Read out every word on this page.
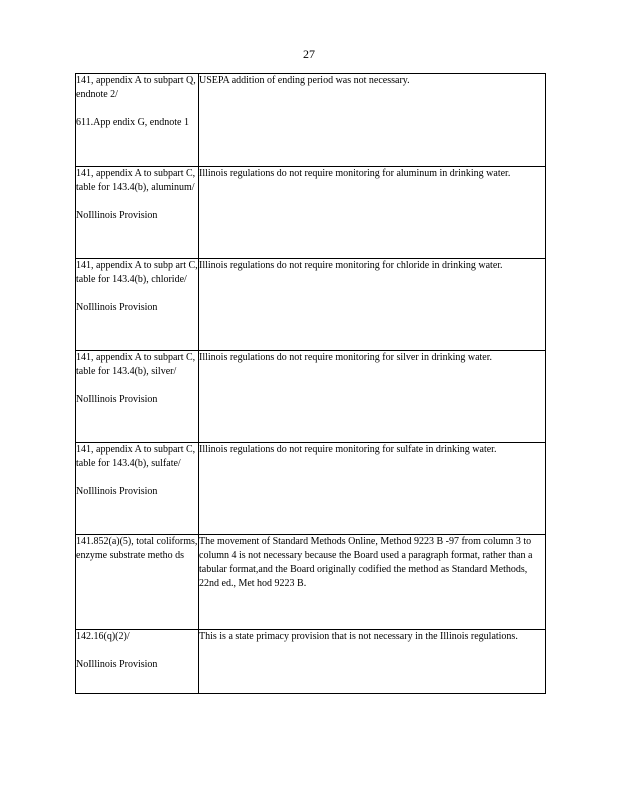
27
141, appendix A to subpart Q, endnote 2/
611.App endix G, endnote 1	USEPA addition of ending period was not necessary.

141, appendix A to subpart C, table for 143.4(b), aluminum/
NoIllinois Provision	Illinois regulations do not require monitoring for aluminum in drinking water.

141, appendix A to subp art C, table for 143.4(b), chloride/
NoIllinois Provision	Illinois regulations do not require monitoring for chloride in drinking water.

141, appendix A to subpart C, table for 143.4(b), silver/
NoIllinois Provision	Illinois regulations do not require monitoring for silver in drinking water.

141, appendix A to subpart C, table for 143.4(b), sulfate/
NoIllinois Provision	Illinois regulations do not require monitoring for sulfate in drinking water.

141.852(a)(5), total coliforms, enzyme substrate metho ds	The movement of Standard Methods Online, Method 9223 B -97 from column 3 to column 4 is not necessary because the Board used a paragraph format, rather than a tabular format,and the Board originally codified the method as Standard Methods, 22nd ed., Met hod 9223 B.

142.16(q)(2)/
NoIllinois Provision	This is a state primacy provision that is not necessary in the Illinois regulations.
